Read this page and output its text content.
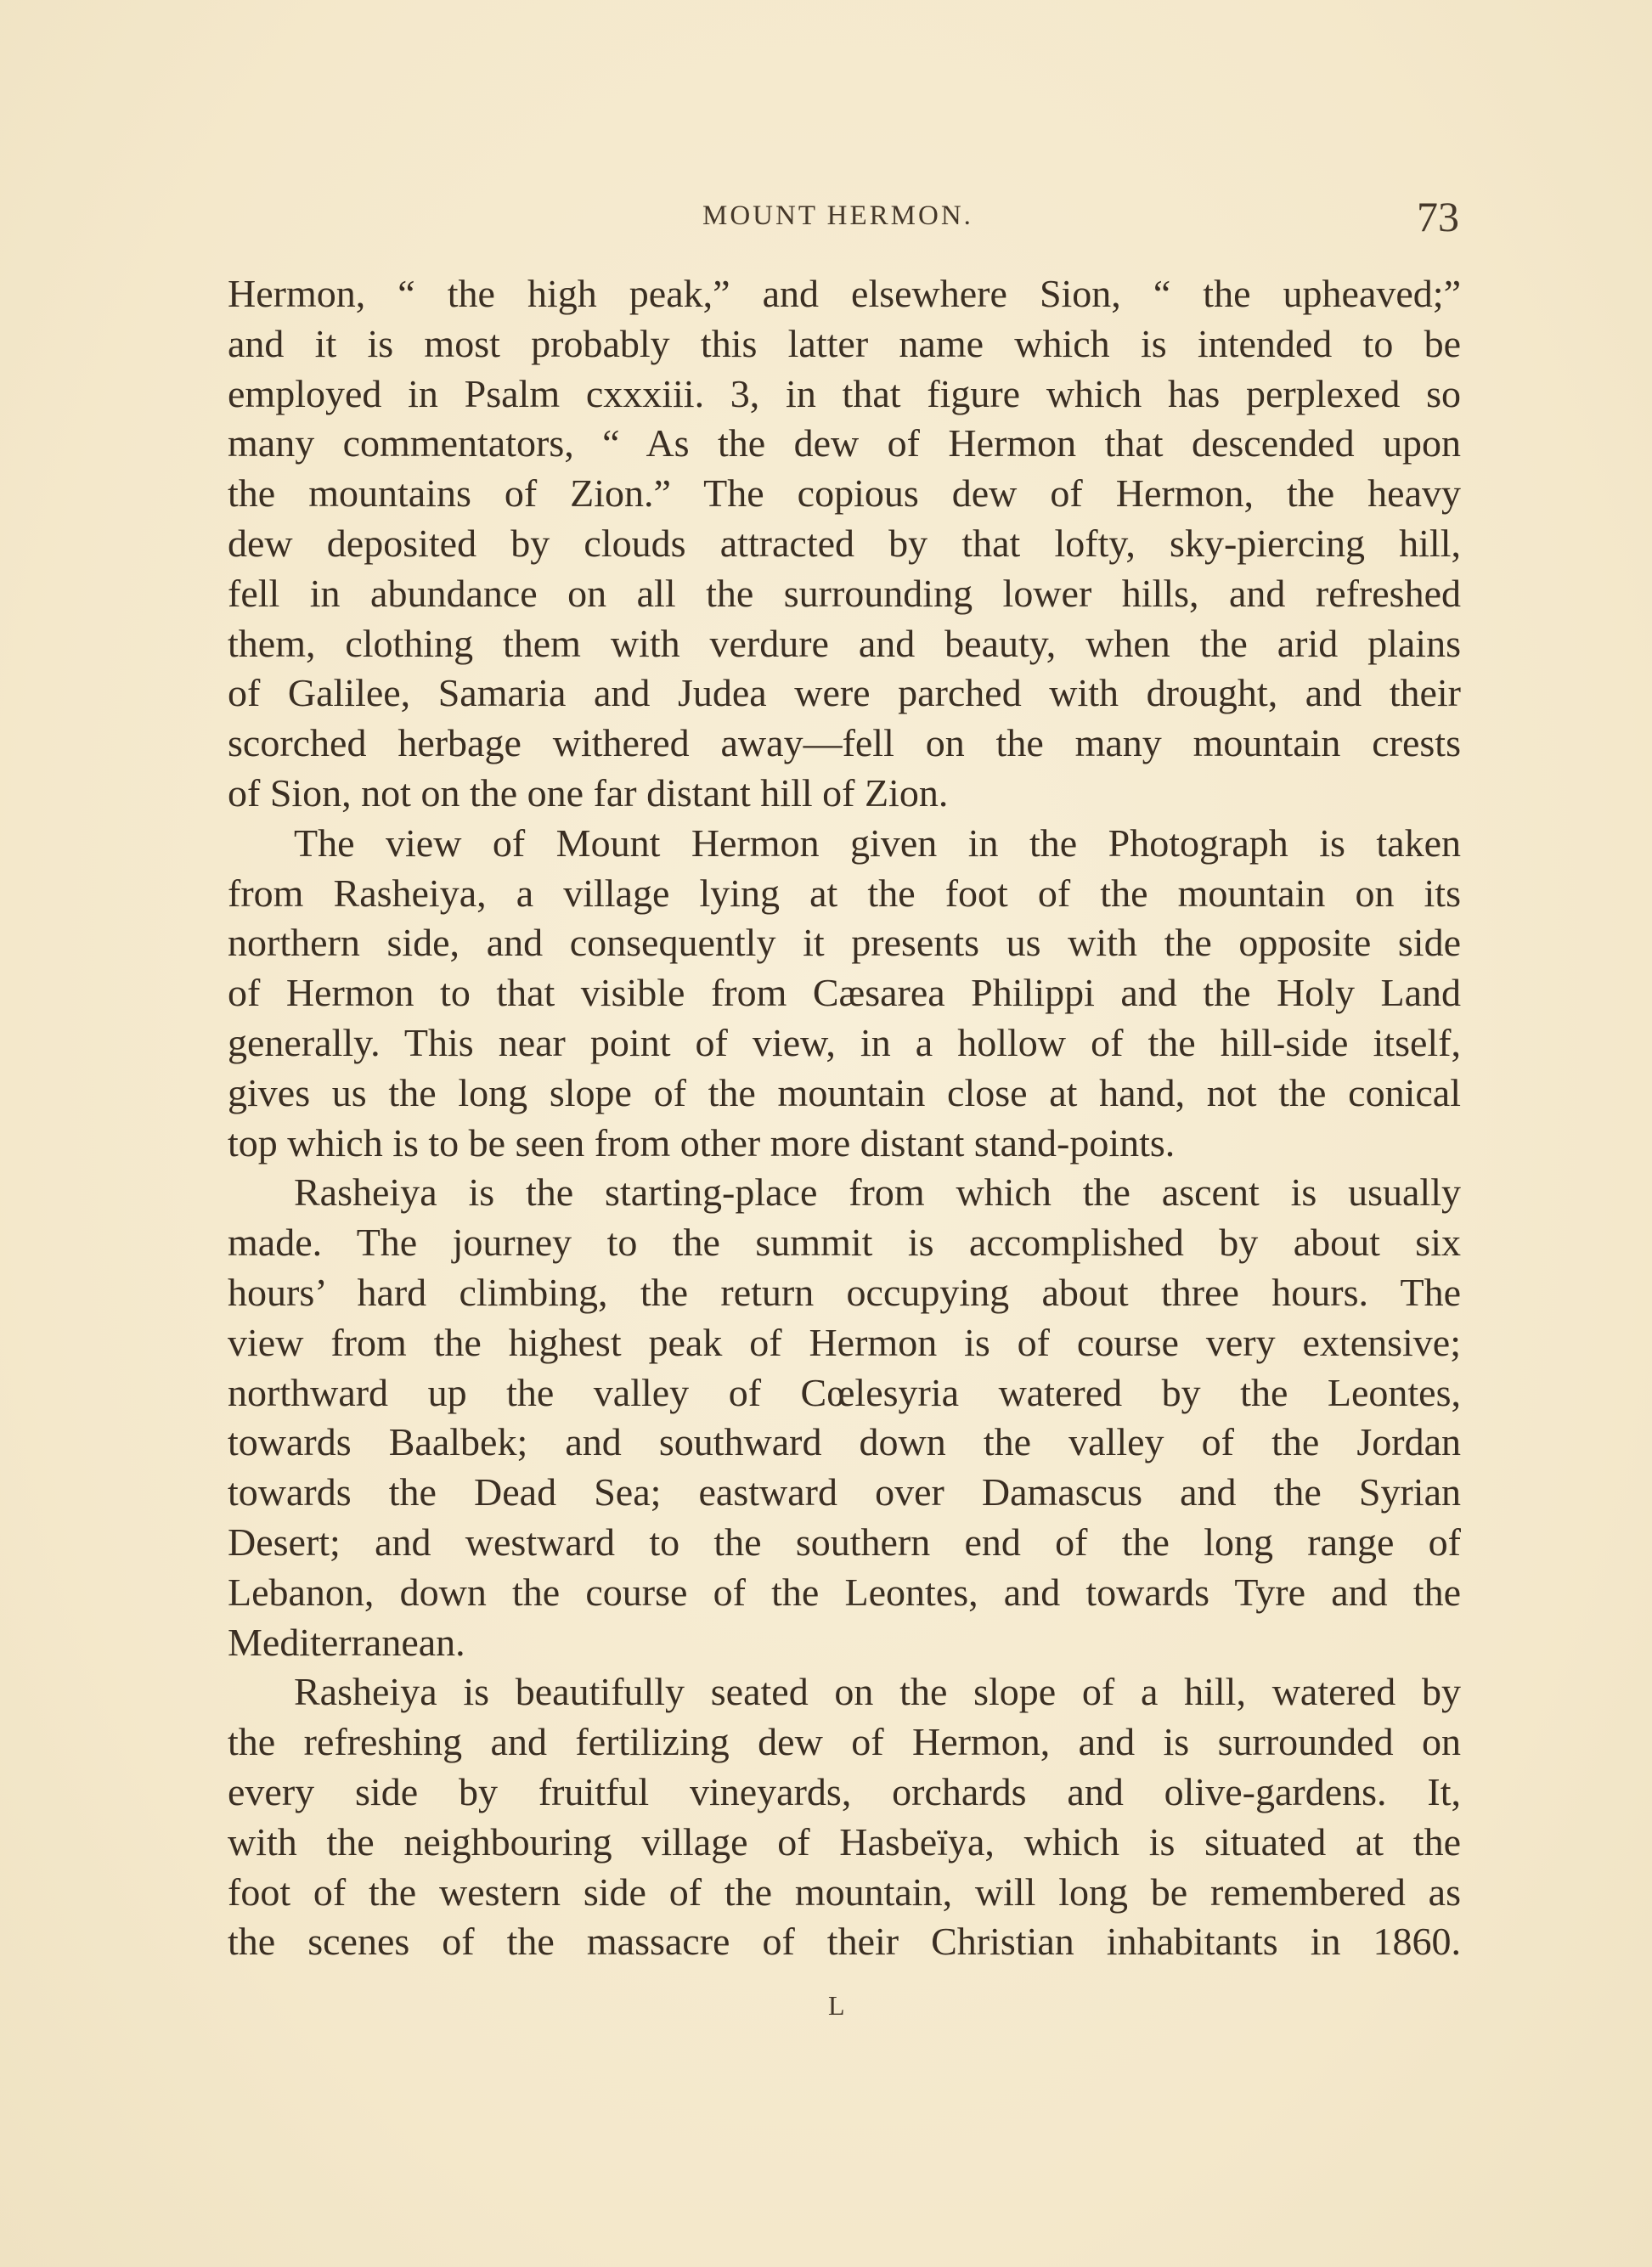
MOUNT HERMON.	73
Hermon, “ the high peak,” and elsewhere Sion, “ the upheaved;”
and it is most probably this latter name which is intended to be
employed in Psalm cxxxiii. 3, in that figure which has perplexed so
many commentators, “ As the dew of Hermon that descended upon
the mountains of Zion.” The copious dew of Hermon, the heavy
dew deposited by clouds attracted by that lofty, sky-piercing hill,
fell in abundance on all the surrounding lower hills, and refreshed
them, clothing them with verdure and beauty, when the arid plains
of Galilee, Samaria and Judea were parched with drought, and their
scorched herbage withered away—fell on the many mountain crests
of Sion, not on the one far distant hill of Zion.
The view of Mount Hermon given in the Photograph is taken
from Rasheiya, a village lying at the foot of the mountain on its
northern side, and consequently it presents us with the opposite side
of Hermon to that visible from Cæsarea Philippi and the Holy Land
generally. This near point of view, in a hollow of the hill-side itself,
gives us the long slope of the mountain close at hand, not the conical
top which is to be seen from other more distant stand-points.
Rasheiya is the starting-place from which the ascent is usually
made. The journey to the summit is accomplished by about six
hours’ hard climbing, the return occupying about three hours. The
view from the highest peak of Hermon is of course very extensive;
northward up the valley of Cœlesyria watered by the Leontes,
towards Baalbek; and southward down the valley of the Jordan
towards the Dead Sea; eastward over Damascus and the Syrian
Desert; and westward to the southern end of the long range of
Lebanon, down the course of the Leontes, and towards Tyre and the
Mediterranean.
Rasheiya is beautifully seated on the slope of a hill, watered by
the refreshing and fertilizing dew of Hermon, and is surrounded on
every side by fruitful vineyards, orchards and olive-gardens. It,
with the neighbouring village of Hasbeïya, which is situated at the
foot of the western side of the mountain, will long be remembered as
the scenes of the massacre of their Christian inhabitants in 1860.
L
